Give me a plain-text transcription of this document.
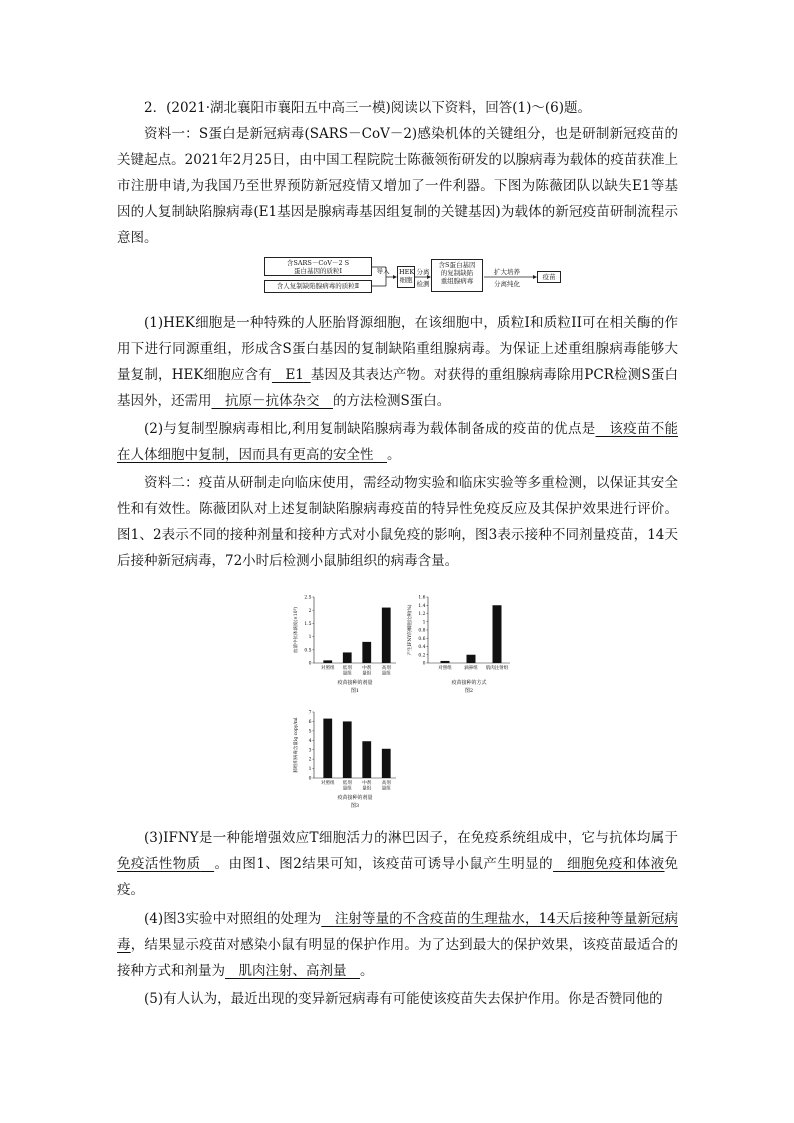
2．(2021·湖北襄阳市襄阳五中高三一模)阅读以下资料，回答(1)～(6)题。

资料一：S蛋白是新冠病毒(SARS－CoV－2)感染机体的关键组分，也是研制新冠疫苗的关键起点。2021年2月25日，由中国工程院院士陈薇领衔研发的以腺病毒为载体的疫苗获准上市注册申请,为我国乃至世界预防新冠疫情又增加了一件利器。下图为陈薇团队以缺失E1等基因的人复制缺陷腺病毒(E1基因是腺病毒基因组复制的关键基因)为载体的新冠疫苗研制流程示意图。

含SARS－CoV－2 S
蛋白基因的质粒Ⅰ
含人复制缺陷腺病毒的质粒Ⅱ
导入	HEK
细胞
分离
检测
含S蛋白基因
的复制缺陷
重组腺病毒
扩大培养
分离纯化
疫苗

(1)HEK细胞是一种特殊的人胚胎肾源细胞，在该细胞中，质粒I和质粒II可在相关酶的作用下进行同源重组，形成含S蛋白基因的复制缺陷重组腺病毒。为保证上述重组腺病毒能够大量复制，HEK细胞应含有   E1  基因及其表达产物。对获得的重组腺病毒除用PCR检测S蛋白基因外，还需用   抗原－抗体杂交   的方法检测S蛋白。

(2)与复制型腺病毒相比,利用复制缺陷腺病毒为载体制备成的疫苗的优点是   该疫苗不能在人体细胞中复制，因而具有更高的安全性   。

资料二：疫苗从研制走向临床使用，需经动物实验和临床实验等多重检测，以保证其安全性和有效性。陈薇团队对上述复制缺陷腺病毒疫苗的特异性免疫反应及其保护效果进行评价。图1、2表示不同的接种剂量和接种方式对小鼠免疫的影响，图3表示接种不同剂量疫苗，14天后接种新冠病毒，72小时后检测小鼠肺组织的病毒含量。

血清中抗体滴度(×10³)
0
0.5
1
1.5
2
2.5
对照组 低剂
量组
中剂
量组
高剂
量组
疫苗接种的剂量
图1
产生IFNY的细胞比例(%)
0
0.2
0.4
0.6
0.8
1
1.2
1.4
1.6
对照组	滴鼻组 肌肉注射组
疫苗接种的方式
图2
肺组织病毒含量lg copy/ml
0
1
2
3
4
5
6
7
对照组 低剂
量组
中剂
量组
高剂
量组
疫苗接种的剂量
图3

(3)IFNY是一种能增强效应T细胞活力的淋巴因子，在免疫系统组成中，它与抗体均属于免疫活性物质   。由图1、图2结果可知，该疫苗可诱导小鼠产生明显的   细胞免疫和体液免疫。

(4)图3实验中对照组的处理为   注射等量的不含疫苗的生理盐水，14天后接种等量新冠病毒，结果显示疫苗对感染小鼠有明显的保护作用。为了达到最大的保护效果，该疫苗最适合的接种方式和剂量为   肌肉注射、高剂量   。

(5)有人认为，最近出现的变异新冠病毒有可能使该疫苗失去保护作用。你是否赞同他的
